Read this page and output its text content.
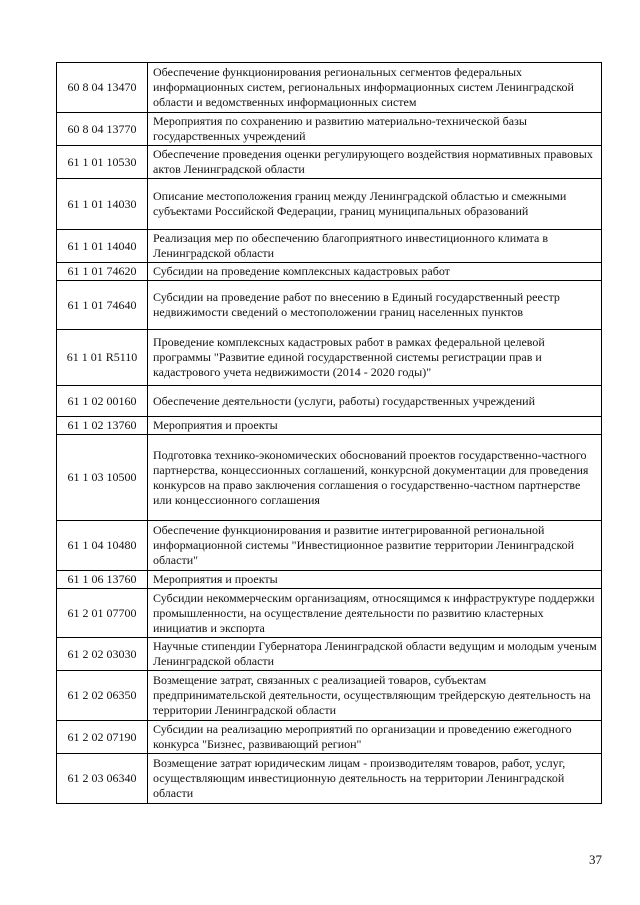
60 8 04 13470	Обеспечение функционирования региональных сегментов федеральных информационных систем, региональных информационных систем Ленинградской области и ведомственных информационных систем
60 8 04 13770	Мероприятия по сохранению и развитию материально-технической базы государственных учреждений
61 1 01 10530	Обеспечение проведения оценки регулирующего воздействия нормативных правовых актов Ленинградской области
61 1 01 14030	Описание местоположения границ между Ленинградской областью и смежными субъектами Российской Федерации, границ муниципальных образований
61 1 01 14040	Реализация мер по обеспечению благоприятного инвестиционного климата в Ленинградской области
61 1 01 74620	Субсидии на проведение комплексных кадастровых работ
61 1 01 74640	Субсидии на проведение работ по внесению в Единый государственный реестр недвижимости сведений о местоположении границ населенных пунктов
61 1 01 R5110	Проведение комплексных кадастровых работ в рамках федеральной целевой программы "Развитие единой государственной системы регистрации прав и кадастрового учета недвижимости (2014 - 2020 годы)"
61 1 02 00160	Обеспечение деятельности (услуги, работы) государственных учреждений
61 1 02 13760	Мероприятия и проекты
61 1 03 10500	Подготовка технико-экономических обоснований проектов государственно-частного партнерства, концессионных соглашений, конкурсной документации для проведения конкурсов на право заключения соглашения о государственно-частном партнерстве или концессионного соглашения
61 1 04 10480	Обеспечение функционирования и развитие интегрированной региональной информационной системы "Инвестиционное развитие территории Ленинградской области"
61 1 06 13760	Мероприятия и проекты
61 2 01 07700	Субсидии некоммерческим организациям, относящимся к инфраструктуре поддержки промышленности, на осуществление деятельности по развитию кластерных инициатив и экспорта
61 2 02 03030	Научные стипендии Губернатора Ленинградской области ведущим и молодым ученым Ленинградской области
61 2 02 06350	Возмещение затрат, связанных с реализацией товаров, субъектам предпринимательской деятельности, осуществляющим трейдерскую деятельность на территории Ленинградской области
61 2 02 07190	Субсидии на реализацию мероприятий по организации и проведению ежегодного конкурса "Бизнес, развивающий регион"
61 2 03 06340	Возмещение затрат юридическим лицам - производителям товаров, работ, услуг, осуществляющим инвестиционную деятельность на территории Ленинградской области
37
